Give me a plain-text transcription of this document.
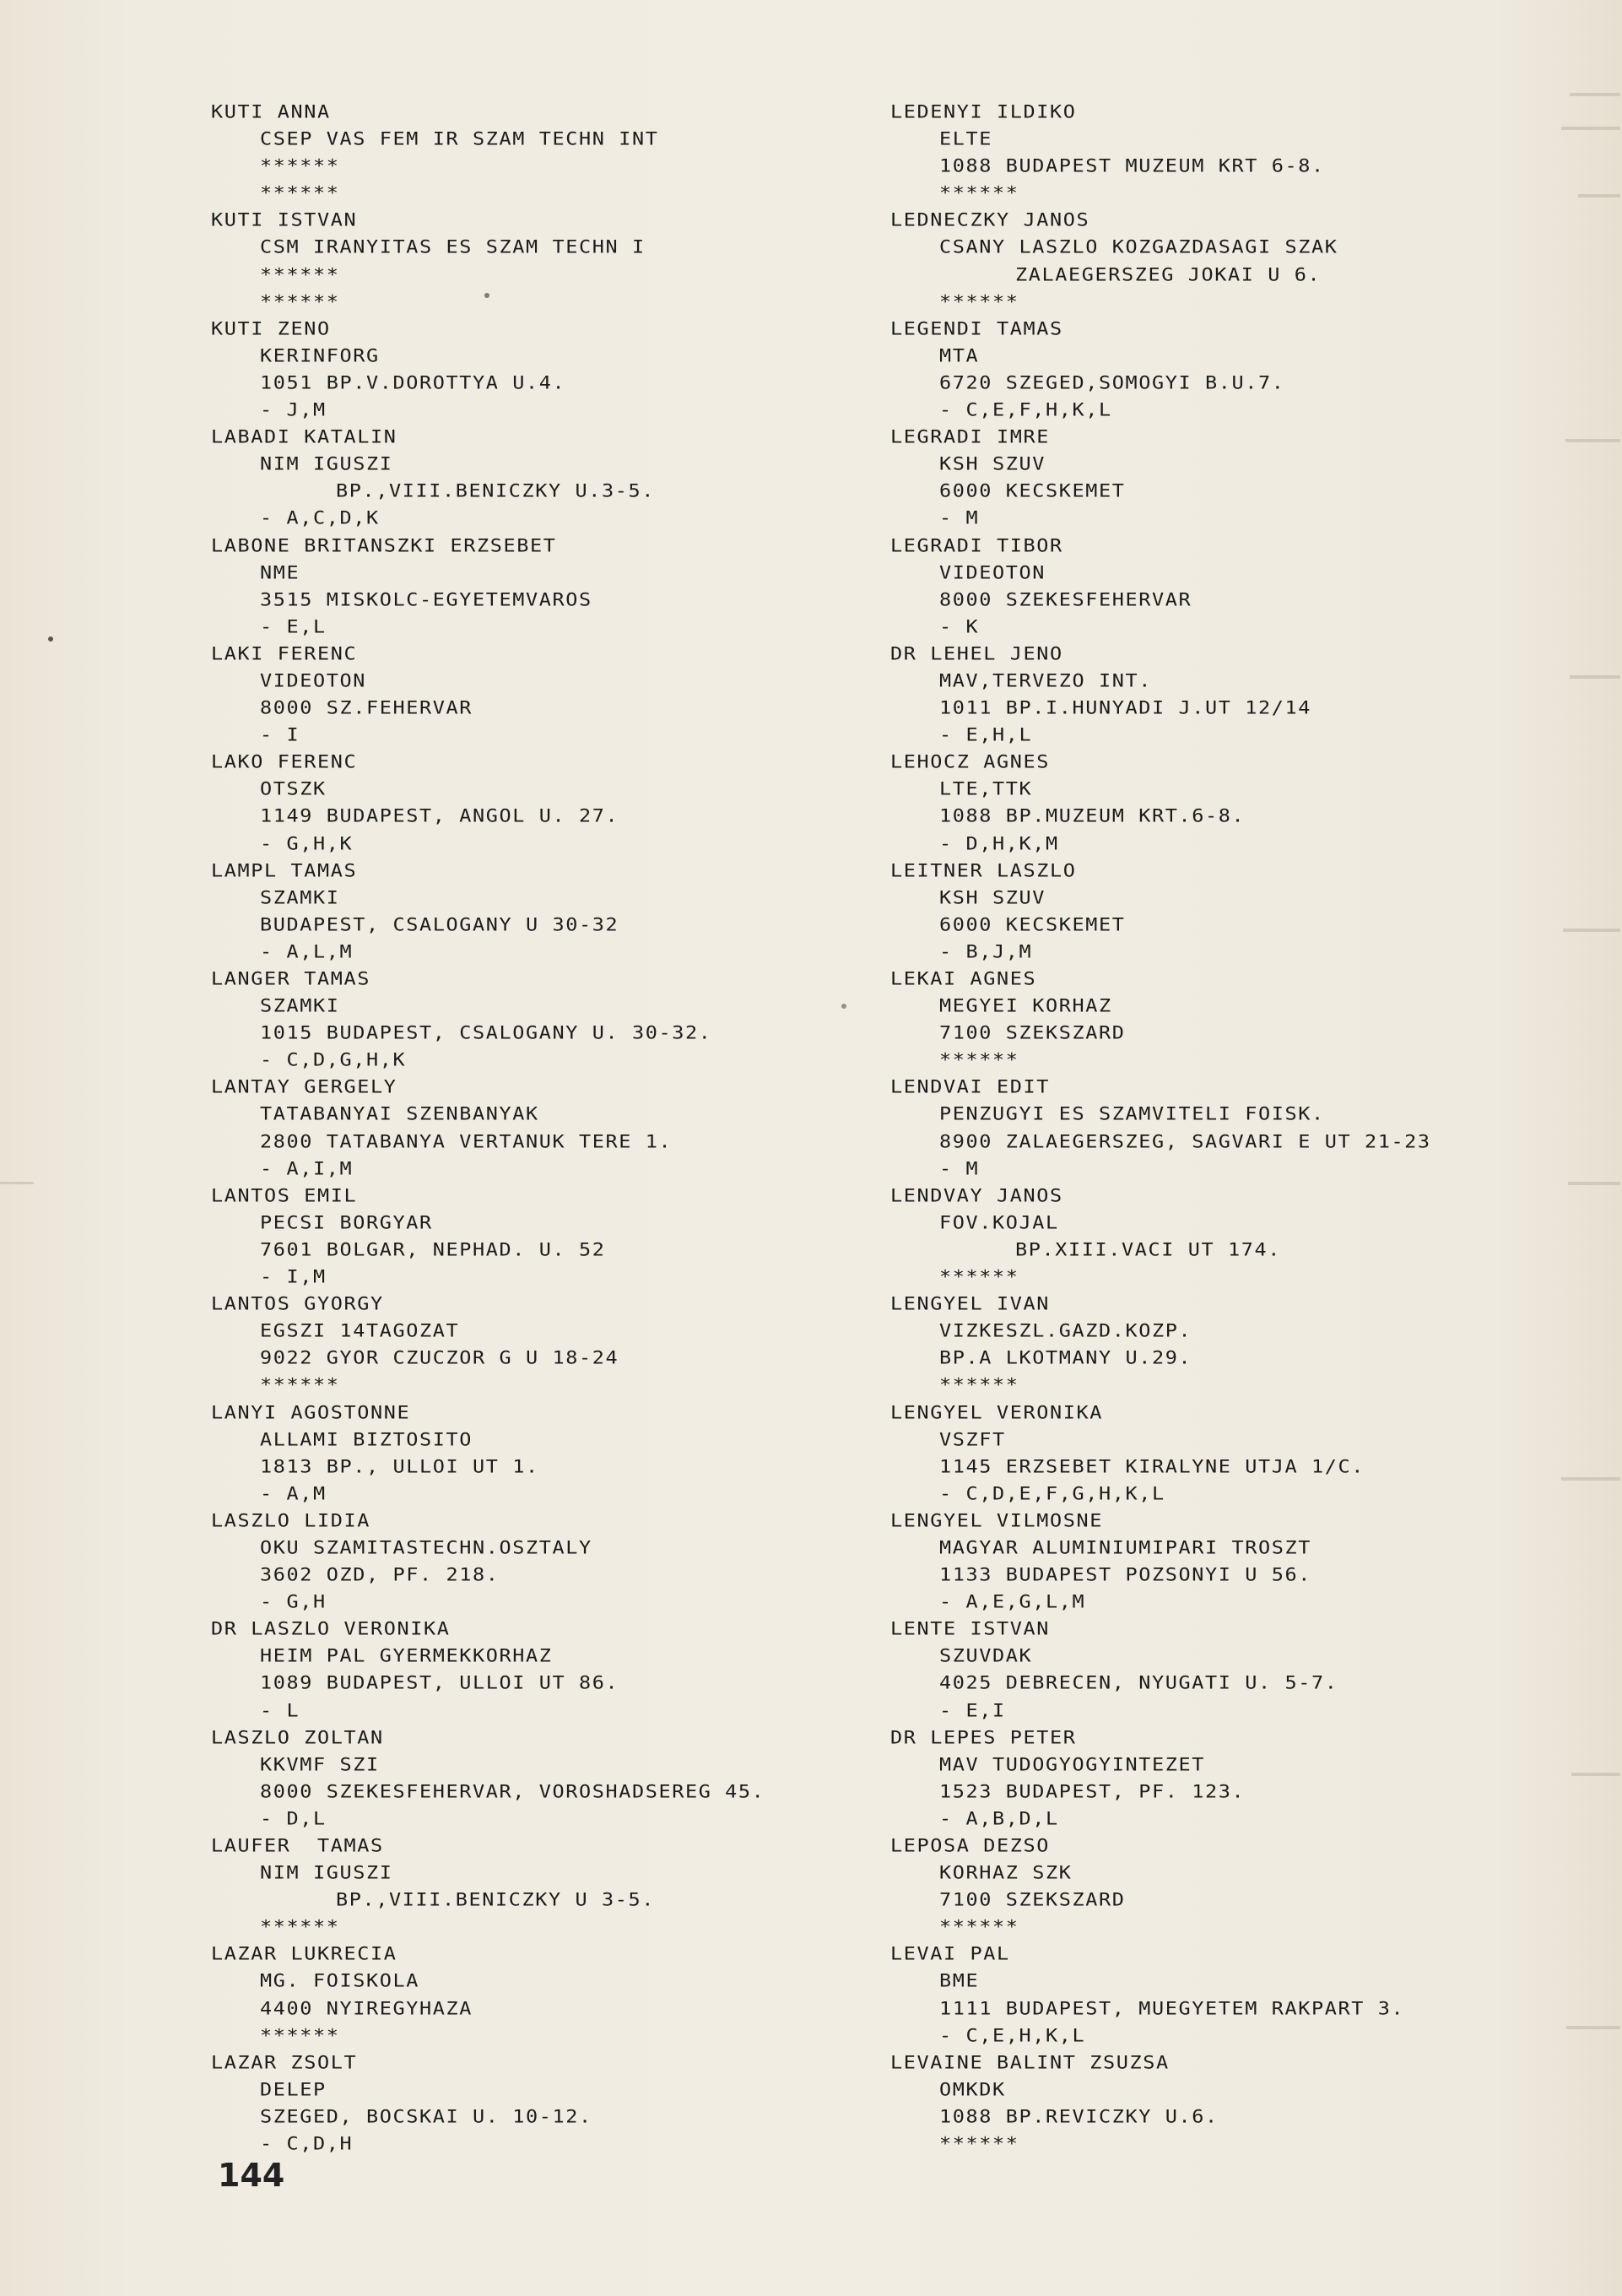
KUTI ANNA
CSEP VAS FEM IR SZAM TECHN INT
******
******
KUTI ISTVAN
CSM IRANYITAS ES SZAM TECHN I
******
******
KUTI ZENO
KERINFORG
1051 BP.V.DOROTTYA U.4.
- J,M
LABADI KATALIN
NIM IGUSZI
BP.,VIII.BENICZKY U.3-5.
- A,C,D,K
LABONE BRITANSZKI ERZSEBET
NME
3515 MISKOLC-EGYETEMVAROS
- E,L
LAKI FERENC
VIDEOTON
8000 SZ.FEHERVAR
- I
LAKO FERENC
OTSZK
1149 BUDAPEST, ANGOL U. 27.
- G,H,K
LAMPL TAMAS
SZAMKI
BUDAPEST, CSALOGANY U 30-32
- A,L,M
LANGER TAMAS
SZAMKI
1015 BUDAPEST, CSALOGANY U. 30-32.
- C,D,G,H,K
LANTAY GERGELY
TATABANYAI SZENBANYAK
2800 TATABANYA VERTANUK TERE 1.
- A,I,M
LANTOS EMIL
PECSI BORGYAR
7601 BOLGAR, NEPHAD. U. 52
- I,M
LANTOS GYORGY
EGSZI 14TAGOZAT
9022 GYOR CZUCZOR G U 18-24
******
LANYI AGOSTONNE
ALLAMI BIZTOSITO
1813 BP., ULLOI UT 1.
- A,M
LASZLO LIDIA
OKU SZAMITASTECHN.OSZTALY
3602 OZD, PF. 218.
- G,H
DR LASZLO VERONIKA
HEIM PAL GYERMEKKORHAZ
1089 BUDAPEST, ULLOI UT 86.
- L
LASZLO ZOLTAN
KKVMF SZI
8000 SZEKESFEHERVAR, VOROSHADSEREG 45.
- D,L
LAUFER  TAMAS
NIM IGUSZI
BP.,VIII.BENICZKY U 3-5.
******
LAZAR LUKRECIA
MG. FOISKOLA
4400 NYIREGYHAZA
******
LAZAR ZSOLT
DELEP
SZEGED, BOCSKAI U. 10-12.
- C,D,H
LEDENYI ILDIKO
ELTE
1088 BUDAPEST MUZEUM KRT 6-8.
******
LEDNECZKY JANOS
CSANY LASZLO KOZGAZDASAGI SZAK
ZALAEGERSZEG JOKAI U 6.
******
LEGENDI TAMAS
MTA
6720 SZEGED,SOMOGYI B.U.7.
- C,E,F,H,K,L
LEGRADI IMRE
KSH SZUV
6000 KECSKEMET
- M
LEGRADI TIBOR
VIDEOTON
8000 SZEKESFEHERVAR
- K
DR LEHEL JENO
MAV,TERVEZO INT.
1011 BP.I.HUNYADI J.UT 12/14
- E,H,L
LEHOCZ AGNES
LTE,TTK
1088 BP.MUZEUM KRT.6-8.
- D,H,K,M
LEITNER LASZLO
KSH SZUV
6000 KECSKEMET
- B,J,M
LEKAI AGNES
MEGYEI KORHAZ
7100 SZEKSZARD
******
LENDVAI EDIT
PENZUGYI ES SZAMVITELI FOISK.
8900 ZALAEGERSZEG, SAGVARI E UT 21-23
- M
LENDVAY JANOS
FOV.KOJAL
BP.XIII.VACI UT 174.
******
LENGYEL IVAN
VIZKESZL.GAZD.KOZP.
BP.A LKOTMANY U.29.
******
LENGYEL VERONIKA
VSZFT
1145 ERZSEBET KIRALYNE UTJA 1/C.
- C,D,E,F,G,H,K,L
LENGYEL VILMOSNE
MAGYAR ALUMINIUMIPARI TROSZT
1133 BUDAPEST POZSONYI U 56.
- A,E,G,L,M
LENTE ISTVAN
SZUVDAK
4025 DEBRECEN, NYUGATI U. 5-7.
- E,I
DR LEPES PETER
MAV TUDOGYOGYINTEZET
1523 BUDAPEST, PF. 123.
- A,B,D,L
LEPOSA DEZSO
KORHAZ SZK
7100 SZEKSZARD
******
LEVAI PAL
BME
1111 BUDAPEST, MUEGYETEM RAKPART 3.
- C,E,H,K,L
LEVAINE BALINT ZSUZSA
OMKDK
1088 BP.REVICZKY U.6.
******
144
